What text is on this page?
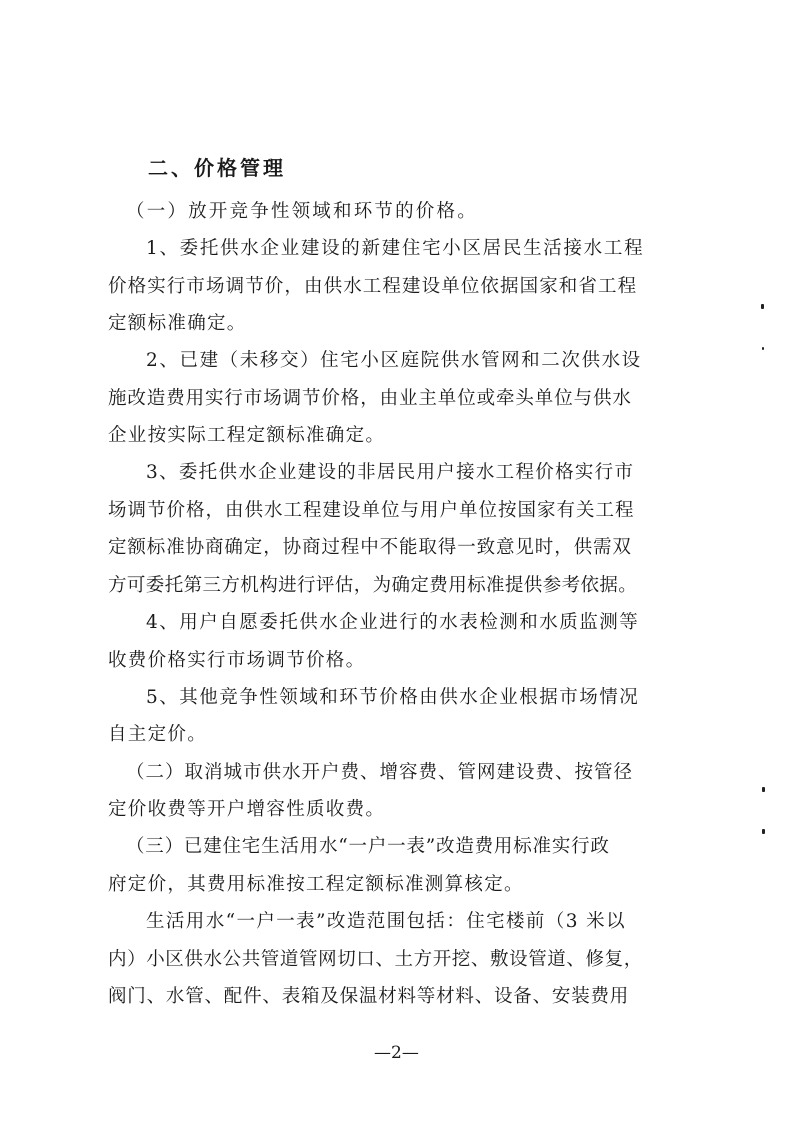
二、价格管理
（一）放开竞争性领域和环节的价格。
1、委托供水企业建设的新建住宅小区居民生活接水工程
价格实行市场调节价，由供水工程建设单位依据国家和省工程
定额标准确定。
2、已建（未移交）住宅小区庭院供水管网和二次供水设
施改造费用实行市场调节价格，由业主单位或牵头单位与供水
企业按实际工程定额标准确定。
3、委托供水企业建设的非居民用户接水工程价格实行市
场调节价格，由供水工程建设单位与用户单位按国家有关工程
定额标准协商确定，协商过程中不能取得一致意见时，供需双
方可委托第三方机构进行评估，为确定费用标准提供参考依据。
4、用户自愿委托供水企业进行的水表检测和水质监测等
收费价格实行市场调节价格。
5、其他竞争性领域和环节价格由供水企业根据市场情况
自主定价。
（二）取消城市供水开户费、增容费、管网建设费、按管径
定价收费等开户增容性质收费。
（三）已建住宅生活用水“一户一表”改造费用标准实行政
府定价，其费用标准按工程定额标准测算核定。
生活用水“一户一表”改造范围包括：住宅楼前（3 米以
内）小区供水公共管道管网切口、土方开挖、敷设管道、修复，
阀门、水管、配件、表箱及保温材料等材料、设备、安装费用
—2—
